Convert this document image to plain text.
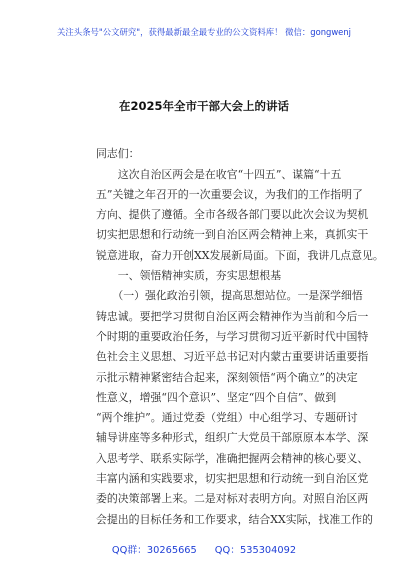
关注头条号"公文研究"，获得最新最全最专业的公文资料库！ 微信：gongwenj
在2025年全市干部大会上的讲话
同志们：
　　这次自治区两会是在收官“十四五”、谋篇“十五
五”关键之年召开的一次重要会议，为我们的工作指明了
方向、提供了遵循。全市各级各部门要以此次会议为契机
切实把思想和行动统一到自治区两会精神上来，真抓实干
锐意进取，奋力开创XX发展新局面。下面，我讲几点意见。
　　一、领悟精神实质，夯实思想根基
　　（一）强化政治引领，提高思想站位。一是深学细悟
铸忠诚。要把学习贯彻自治区两会精神作为当前和今后一
个时期的重要政治任务，与学习贯彻习近平新时代中国特
色社会主义思想、习近平总书记对内蒙古重要讲话重要指
示批示精神紧密结合起来，深刻领悟“两个确立”的决定
性意义，增强“四个意识”、坚定“四个自信”、做到
“两个维护”。通过党委（党组）中心组学习、专题研讨
辅导讲座等多种形式，组织广大党员干部原原本本学、深
入思考学、联系实际学，准确把握两会精神的核心要义、
丰富内涵和实践要求，切实把思想和行动统一到自治区党
委的决策部署上来。二是对标对表明方向。对照自治区两
会提出的目标任务和工作要求，结合XX实际，找准工作的
QQ群：30265665 QQ：535304092
